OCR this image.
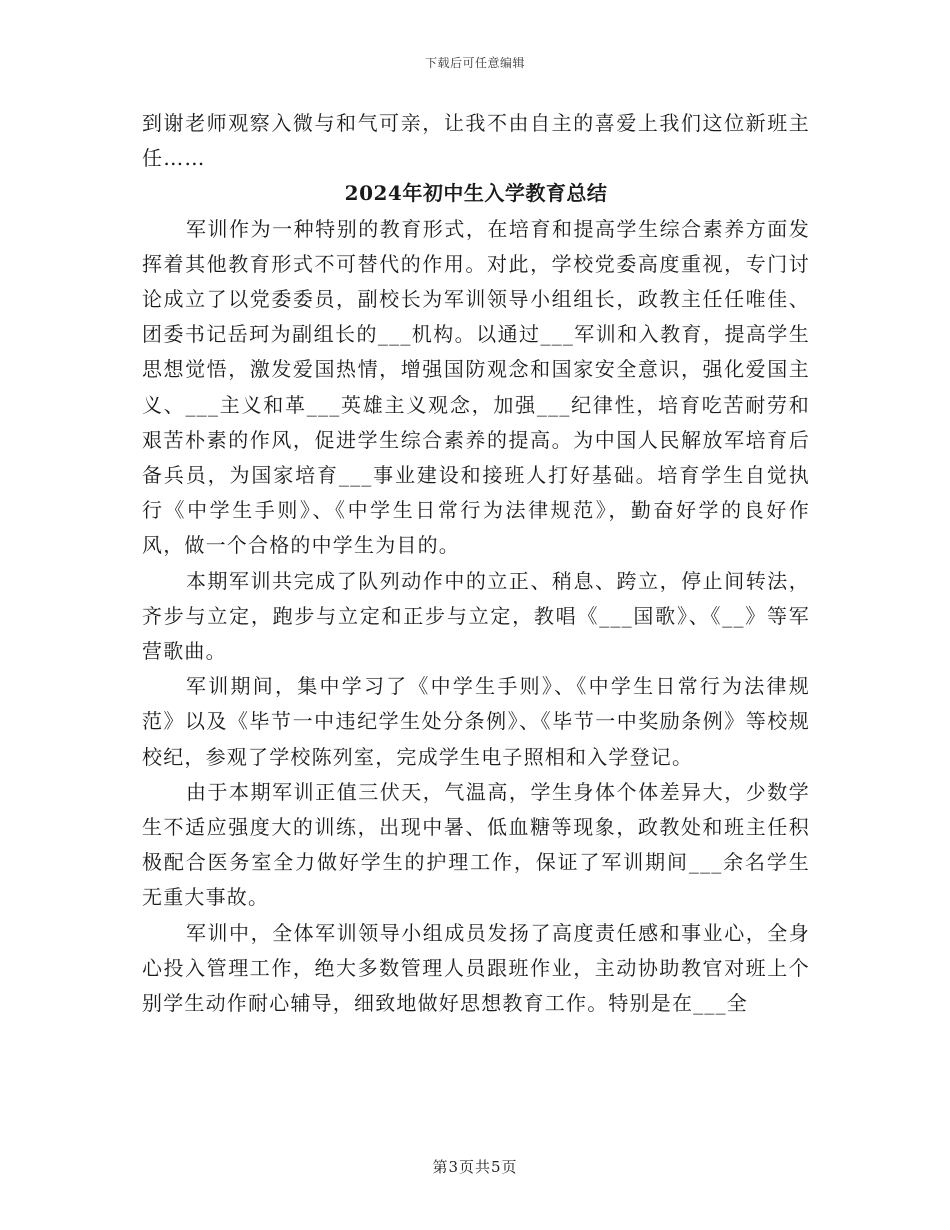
下载后可任意编辑

到谢老师观察入微与和气可亲，让我不由自主的喜爱上我们这位新班主任……

2024年初中生入学教育总结

军训作为一种特别的教育形式，在培育和提高学生综合素养方面发挥着其他教育形式不可替代的作用。对此，学校党委高度重视，专门讨论成立了以党委委员，副校长为军训领导小组组长，政教主任任唯佳、团委书记岳珂为副组长的___机构。以通过___军训和入教育，提高学生思想觉悟，激发爱国热情，增强国防观念和国家安全意识，强化爱国主义、___主义和革___英雄主义观念，加强___纪律性，培育吃苦耐劳和艰苦朴素的作风，促进学生综合素养的提高。为中国人民解放军培育后备兵员，为国家培育___事业建设和接班人打好基础。培育学生自觉执行《中学生手则》、《中学生日常行为法律规范》，勤奋好学的良好作风，做一个合格的中学生为目的。

本期军训共完成了队列动作中的立正、稍息、跨立，停止间转法，齐步与立定，跑步与立定和正步与立定，教唱《___国歌》、《__》等军营歌曲。

军训期间，集中学习了《中学生手则》、《中学生日常行为法律规范》以及《毕节一中违纪学生处分条例》、《毕节一中奖励条例》等校规校纪，参观了学校陈列室，完成学生电子照相和入学登记。

由于本期军训正值三伏天，气温高，学生身体个体差异大，少数学生不适应强度大的训练，出现中暑、低血糖等现象，政教处和班主任积极配合医务室全力做好学生的护理工作，保证了军训期间___余名学生无重大事故。

军训中，全体军训领导小组成员发扬了高度责任感和事业心，全身心投入管理工作，绝大多数管理人员跟班作业，主动协助教官对班上个别学生动作耐心辅导，细致地做好思想教育工作。特别是在___全

第3页共5页
